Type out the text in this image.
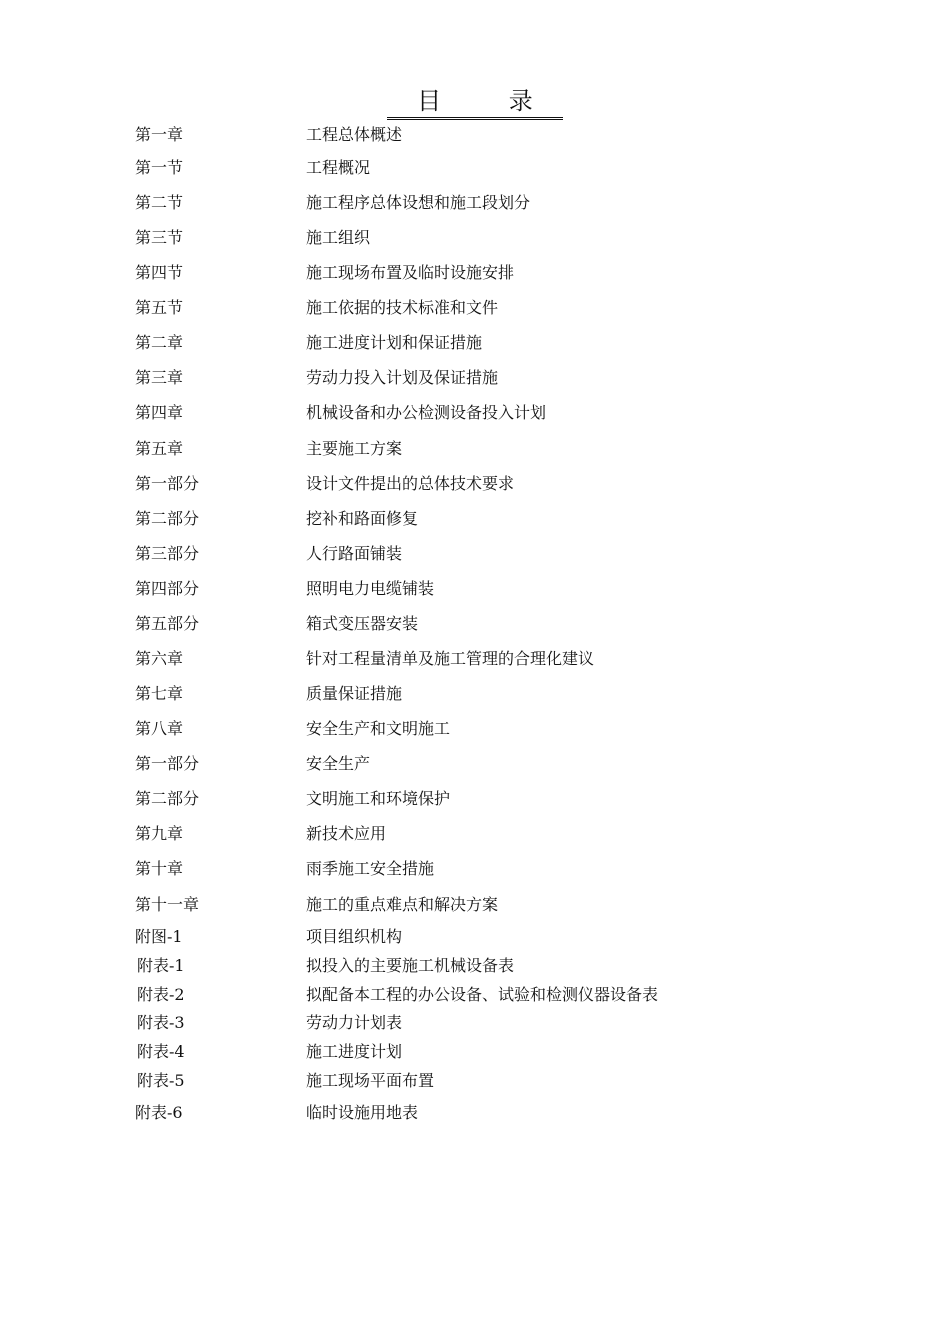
目 录
第一章	工程总体概述
第一节	工程概况
第二节	施工程序总体设想和施工段划分
第三节	施工组织
第四节	施工现场布置及临时设施安排
第五节	施工依据的技术标准和文件
第二章	施工进度计划和保证措施
第三章	劳动力投入计划及保证措施
第四章	机械设备和办公检测设备投入计划
第五章	主要施工方案
第一部分	设计文件提出的总体技术要求
第二部分	挖补和路面修复
第三部分	人行路面铺装
第四部分	照明电力电缆铺装
第五部分	箱式变压器安装
第六章	针对工程量清单及施工管理的合理化建议
第七章	质量保证措施
第八章	安全生产和文明施工
第一部分	安全生产
第二部分	文明施工和环境保护
第九章	新技术应用
第十章	雨季施工安全措施
第十一章	施工的重点难点和解决方案
附图-1	项目组织机构
附表-1	拟投入的主要施工机械设备表
附表-2	拟配备本工程的办公设备、试验和检测仪器设备表
附表-3	劳动力计划表
附表-4	施工进度计划
附表-5	施工现场平面布置
附表-6	临时设施用地表
